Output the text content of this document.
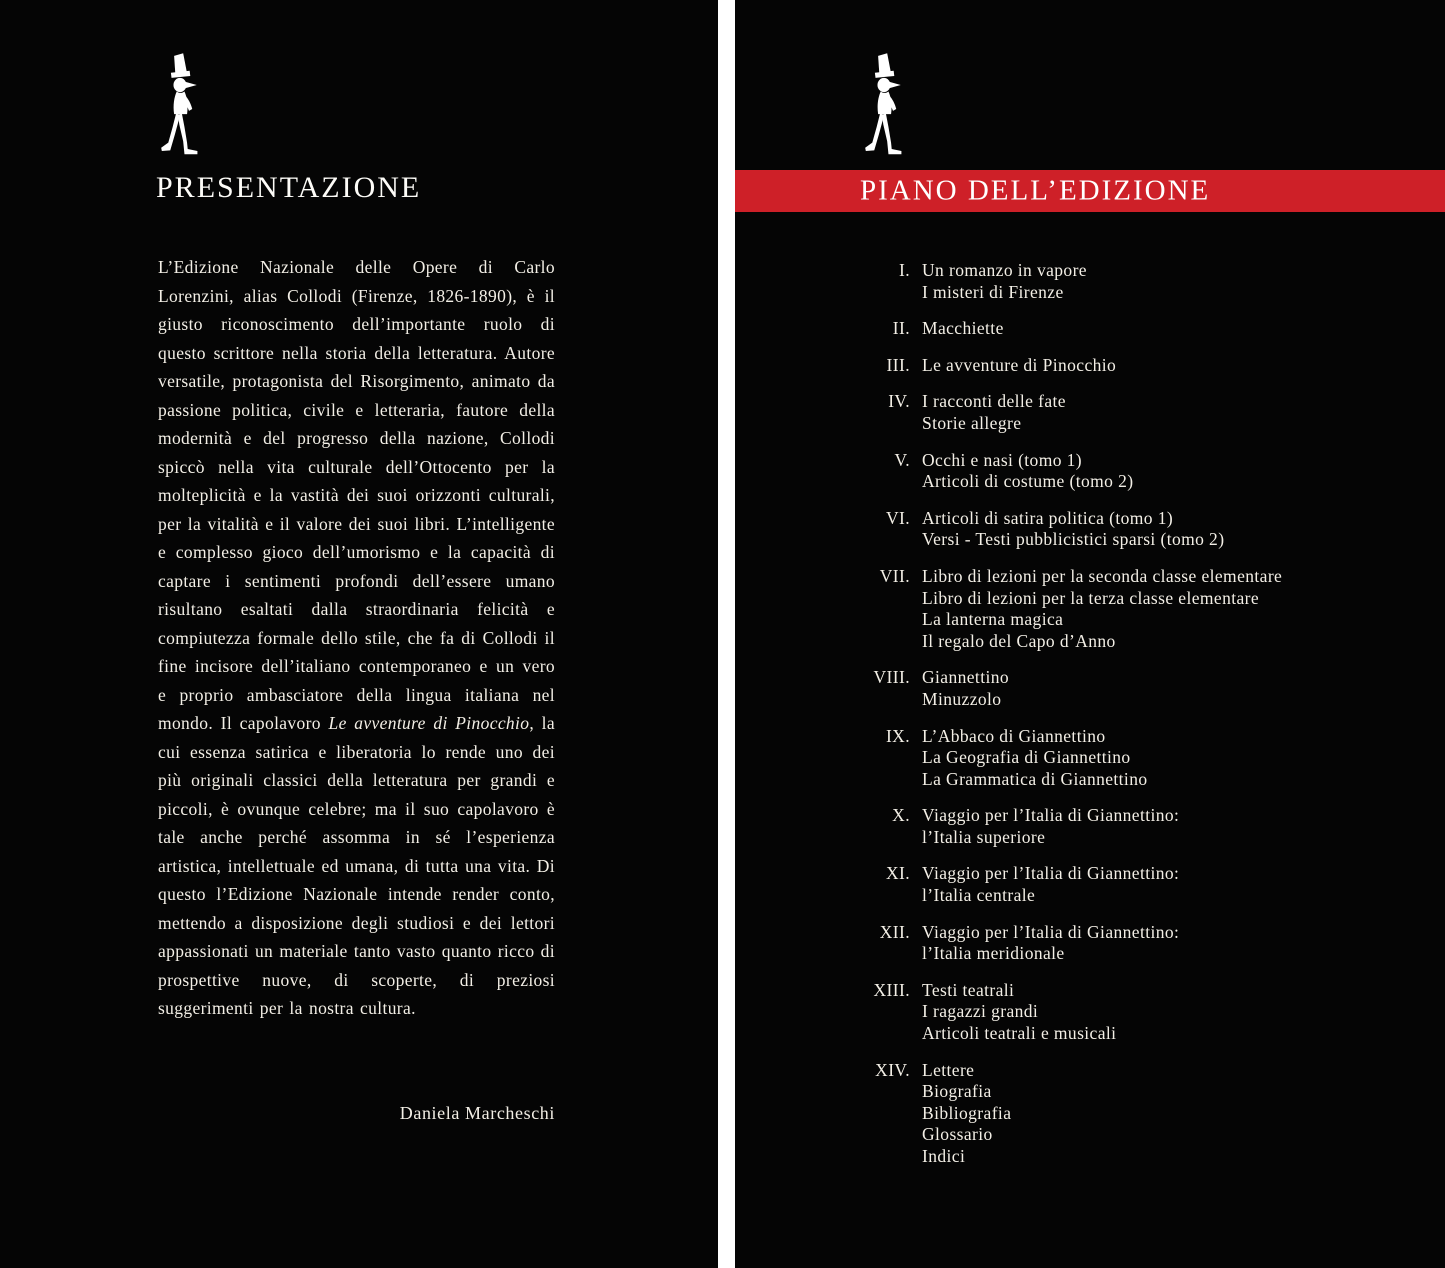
PRESENTAZIONE
L’Edizione Nazionale delle Opere di Carlo Lorenzini, alias Collodi (Firenze, 1826-1890), è il giusto riconoscimento dell’importante ruolo di questo scrittore nella storia della letteratura. Autore versatile, protagonista del Risorgimento, animato da passione politica, civile e letteraria, fautore della modernità e del progresso della nazione, Collodi spiccò nella vita culturale dell’Ottocento per la molteplicità e la vastità dei suoi orizzonti culturali, per la vitalità e il valore dei suoi libri. L’intelligente e complesso gioco dell’umorismo e la capacità di captare i sentimenti profondi dell’essere umano risultano esaltati dalla straordinaria felicità e compiutezza formale dello stile, che fa di Collodi il fine incisore dell’italiano contemporaneo e un vero e proprio ambasciatore della lingua italiana nel mondo. Il capolavoro Le avventure di Pinocchio, la cui essenza satirica e liberatoria lo rende uno dei più originali classici della letteratura per grandi e piccoli, è ovunque celebre; ma il suo capolavoro è tale anche perché assomma in sé l’esperienza artistica, intellettuale ed umana, di tutta una vita. Di questo l’Edizione Nazionale intende render conto, mettendo a disposizione degli studiosi e dei lettori appassionati un materiale tanto vasto quanto ricco di prospettive nuove, di scoperte, di preziosi suggerimenti per la nostra cultura.
Daniela Marcheschi
PIANO DELL’EDIZIONE
I. Un romanzo in vapore
I misteri di Firenze
II. Macchiette
III. Le avventure di Pinocchio
IV. I racconti delle fate
Storie allegre
V. Occhi e nasi (tomo 1)
Articoli di costume (tomo 2)
VI. Articoli di satira politica (tomo 1)
Versi - Testi pubblicistici sparsi (tomo 2)
VII. Libro di lezioni per la seconda classe elementare
Libro di lezioni per la terza classe elementare
La lanterna magica
Il regalo del Capo d’Anno
VIII. Giannettino
Minuzzolo
IX. L’Abbaco di Giannettino
La Geografia di Giannettino
La Grammatica di Giannettino
X. Viaggio per l’Italia di Giannettino:
l’Italia superiore
XI. Viaggio per l’Italia di Giannettino:
l’Italia centrale
XII. Viaggio per l’Italia di Giannettino:
l’Italia meridionale
XIII. Testi teatrali
I ragazzi grandi
Articoli teatrali e musicali
XIV. Lettere
Biografia
Bibliografia
Glossario
Indici
